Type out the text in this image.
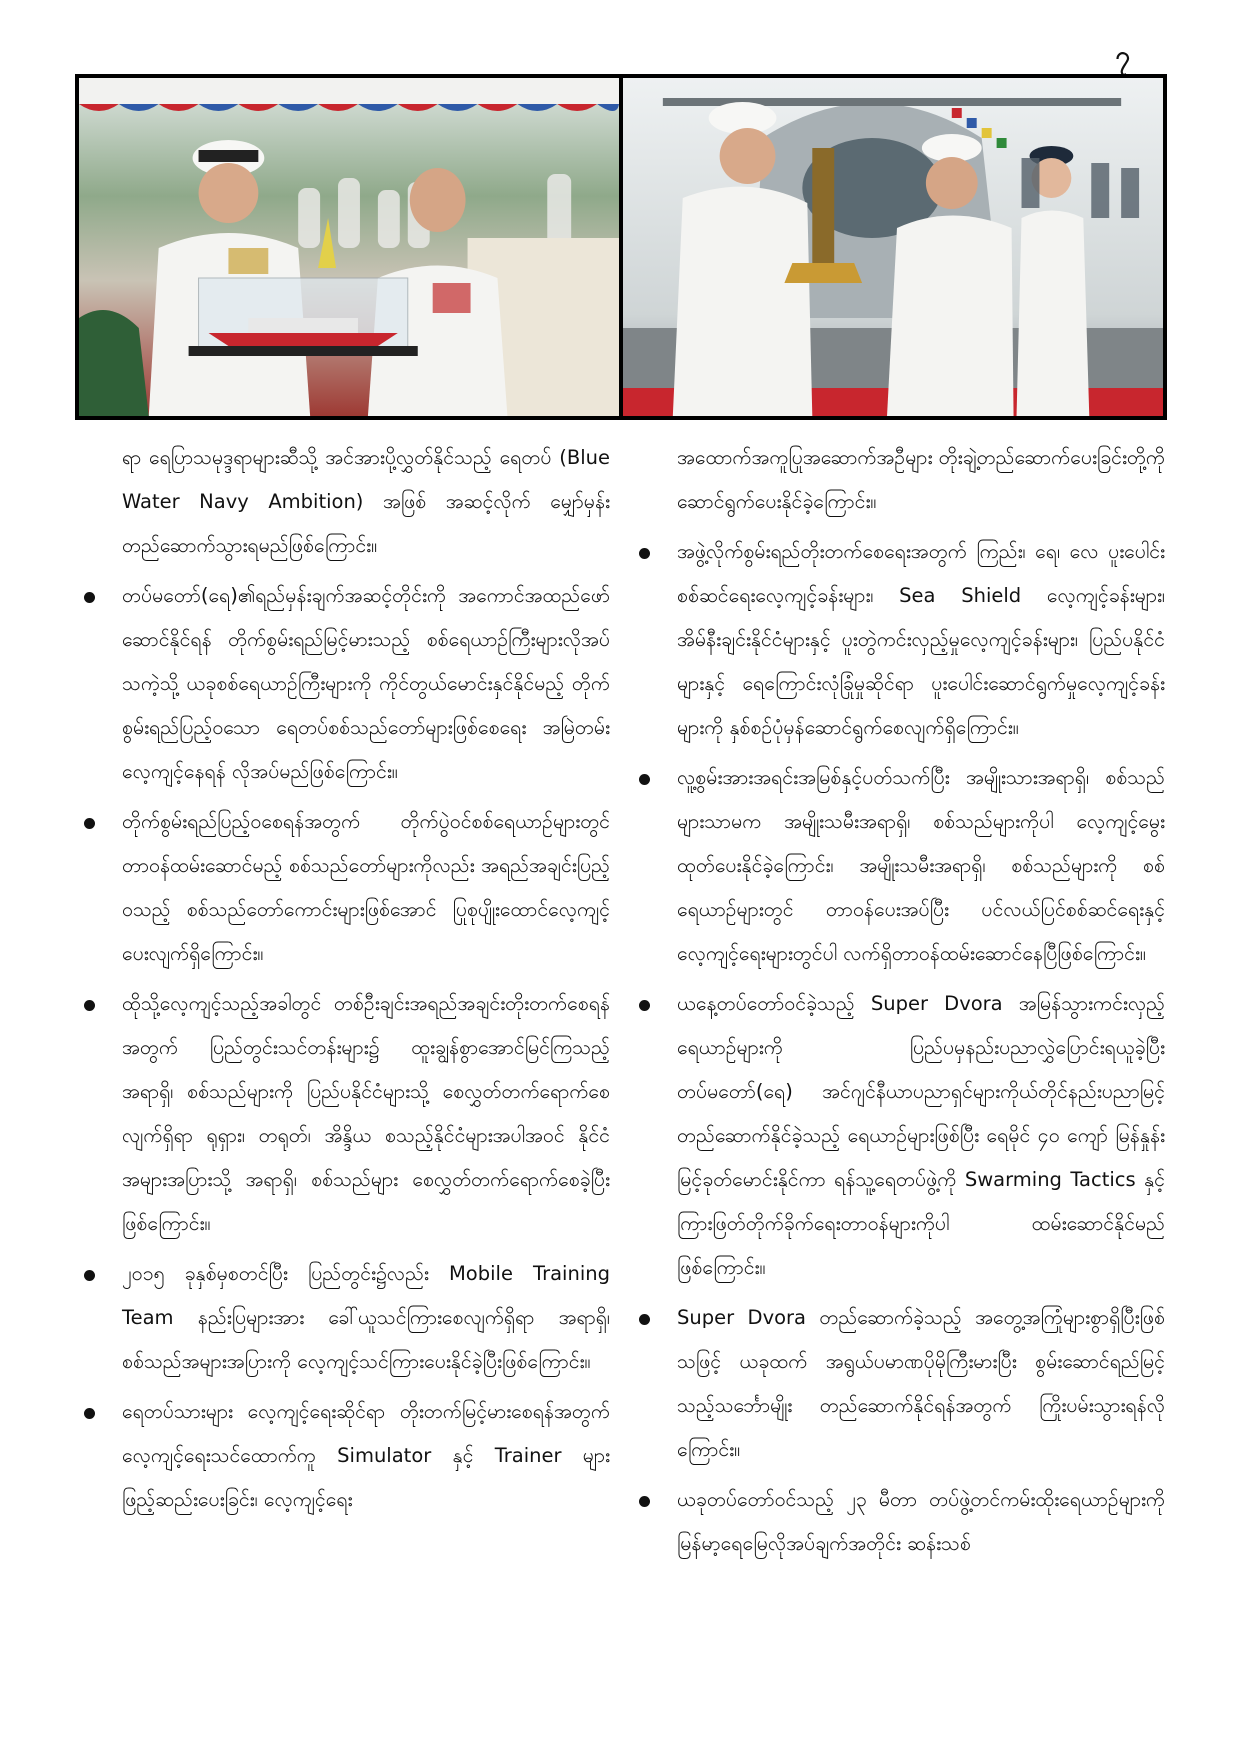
၇

ရာ ရေပြာသမုဒ္ဒရာများဆီသို့ အင်အားပို့လွှတ်နိုင်သည့် ရေတပ် (Blue Water Navy Ambition) အဖြစ် အဆင့်လိုက် မျှော်မှန်းတည်ဆောက်သွားရမည်ဖြစ်ကြောင်း။

တပ်မတော်(ရေ)၏ရည်မှန်းချက်အဆင့်တိုင်းကို အကောင်အထည်ဖော်ဆောင်နိုင်ရန် တိုက်စွမ်းရည်မြင့်မားသည့် စစ်ရေယာဉ်ကြီးများလိုအပ်သကဲ့သို့ ယခုစစ်ရေယာဉ်ကြီးများကို ကိုင်တွယ်မောင်းနှင်နိုင်မည့် တိုက်စွမ်းရည်ပြည့်ဝသော ရေတပ်စစ်သည်တော်များဖြစ်စေရေး အမြဲတမ်းလေ့ကျင့်နေရန် လိုအပ်မည်ဖြစ်ကြောင်း။
တိုက်စွမ်းရည်ပြည့်ဝစေရန်အတွက် တိုက်ပွဲဝင်စစ်ရေယာဉ်များတွင် တာဝန်ထမ်းဆောင်မည့် စစ်သည်တော်များကိုလည်း အရည်အချင်းပြည့်ဝသည့် စစ်သည်တော်ကောင်းများဖြစ်အောင် ပြုစုပျိုးထောင်လေ့ကျင့်ပေးလျက်ရှိကြောင်း။
ထိုသို့လေ့ကျင့်သည့်အခါတွင် တစ်ဦးချင်းအရည်အချင်းတိုးတက်စေရန်အတွက် ပြည်တွင်းသင်တန်းများ၌ ထူးချွန်စွာအောင်မြင်ကြသည့် အရာရှိ၊ စစ်သည်များကို ပြည်ပနိုင်ငံများသို့ စေလွှတ်တက်ရောက်စေလျက်ရှိရာ ရုရှား၊ တရုတ်၊ အိန္ဒိယ စသည့်နိုင်ငံများအပါအဝင် နိုင်ငံအများအပြားသို့ အရာရှိ၊ စစ်သည်များ စေလွှတ်တက်ရောက်စေခဲ့ပြီးဖြစ်ကြောင်း။
၂၀၁၅ ခုနှစ်မှစတင်ပြီး ပြည်တွင်း၌လည်း Mobile Training Team နည်းပြများအား ခေါ်ယူသင်ကြားစေလျက်ရှိရာ အရာရှိ၊ စစ်သည်အများအပြားကို လေ့ကျင့်သင်ကြားပေးနိုင်ခဲ့ပြီးဖြစ်ကြောင်း။
ရေတပ်သားများ လေ့ကျင့်ရေးဆိုင်ရာ တိုးတက်မြင့်မားစေရန်အတွက် လေ့ကျင့်ရေးသင်ထောက်ကူ Simulator နှင့် Trainer များဖြည့်ဆည်းပေးခြင်း၊ လေ့ကျင့်ရေး

အထောက်အကူပြုအဆောက်အဦများ တိုးချဲ့တည်ဆောက်ပေးခြင်းတို့ကို ဆောင်ရွက်ပေးနိုင်ခဲ့ကြောင်း။

အဖွဲ့လိုက်စွမ်းရည်တိုးတက်စေရေးအတွက် ကြည်း၊ ရေ၊ လေ ပူးပေါင်းစစ်ဆင်ရေးလေ့ကျင့်ခန်းများ၊ Sea Shield လေ့ကျင့်ခန်းများ၊ အိမ်နီးချင်းနိုင်ငံများနှင့် ပူးတွဲကင်းလှည့်မှုလေ့ကျင့်ခန်းများ၊ ပြည်ပနိုင်ငံများနှင့် ရေကြောင်းလုံခြုံမှုဆိုင်ရာ ပူးပေါင်းဆောင်ရွက်မှုလေ့ကျင့်ခန်းများကို နှစ်စဉ်ပုံမှန်ဆောင်ရွက်စေလျက်ရှိကြောင်း။
လူ့စွမ်းအားအရင်းအမြစ်နှင့်ပတ်သက်ပြီး အမျိုးသားအရာရှိ၊ စစ်သည်များသာမက အမျိုးသမီးအရာရှိ၊ စစ်သည်များကိုပါ လေ့ကျင့်မွေးထုတ်ပေးနိုင်ခဲ့ကြောင်း၊ အမျိုးသမီးအရာရှိ၊ စစ်သည်များကို စစ်ရေယာဉ်များတွင် တာဝန်ပေးအပ်ပြီး ပင်လယ်ပြင်စစ်ဆင်ရေးနှင့် လေ့ကျင့်ရေးများတွင်ပါ လက်ရှိတာဝန်ထမ်းဆောင်နေပြီဖြစ်ကြောင်း။
ယနေ့တပ်တော်ဝင်ခဲ့သည့် Super Dvora အမြန်သွားကင်းလှည့်ရေယာဉ်များကို ပြည်ပမှနည်းပညာလွှဲပြောင်းရယူခဲ့ပြီး တပ်မတော်(ရေ) အင်ဂျင်နီယာပညာရှင်များကိုယ်တိုင်နည်းပညာမြင့်တည်ဆောက်နိုင်ခဲ့သည့် ရေယာဉ်များဖြစ်ပြီး ရေမိုင် ၄၀ ကျော် မြန်နှုန်းမြင့်ခုတ်မောင်းနိုင်ကာ ရန်သူ့ရေတပ်ဖွဲ့ကို Swarming Tactics နှင့် ကြားဖြတ်တိုက်ခိုက်ရေးတာဝန်များကိုပါ ထမ်းဆောင်နိုင်မည်ဖြစ်ကြောင်း။
Super Dvora တည်ဆောက်ခဲ့သည့် အတွေ့အကြုံများစွာရှိပြီးဖြစ်သဖြင့် ယခုထက် အရွယ်ပမာဏပိုမိုကြီးမားပြီး စွမ်းဆောင်ရည်မြင့်သည့်သင်္ဘောမျိုး တည်ဆောက်နိုင်ရန်အတွက် ကြိုးပမ်းသွားရန်လိုကြောင်း။
ယခုတပ်တော်ဝင်သည့် ၂၃ မီတာ တပ်ဖွဲ့တင်ကမ်းထိုးရေယာဉ်များကို မြန်မာ့ရေမြေလိုအပ်ချက်အတိုင်း ဆန်းသစ်
